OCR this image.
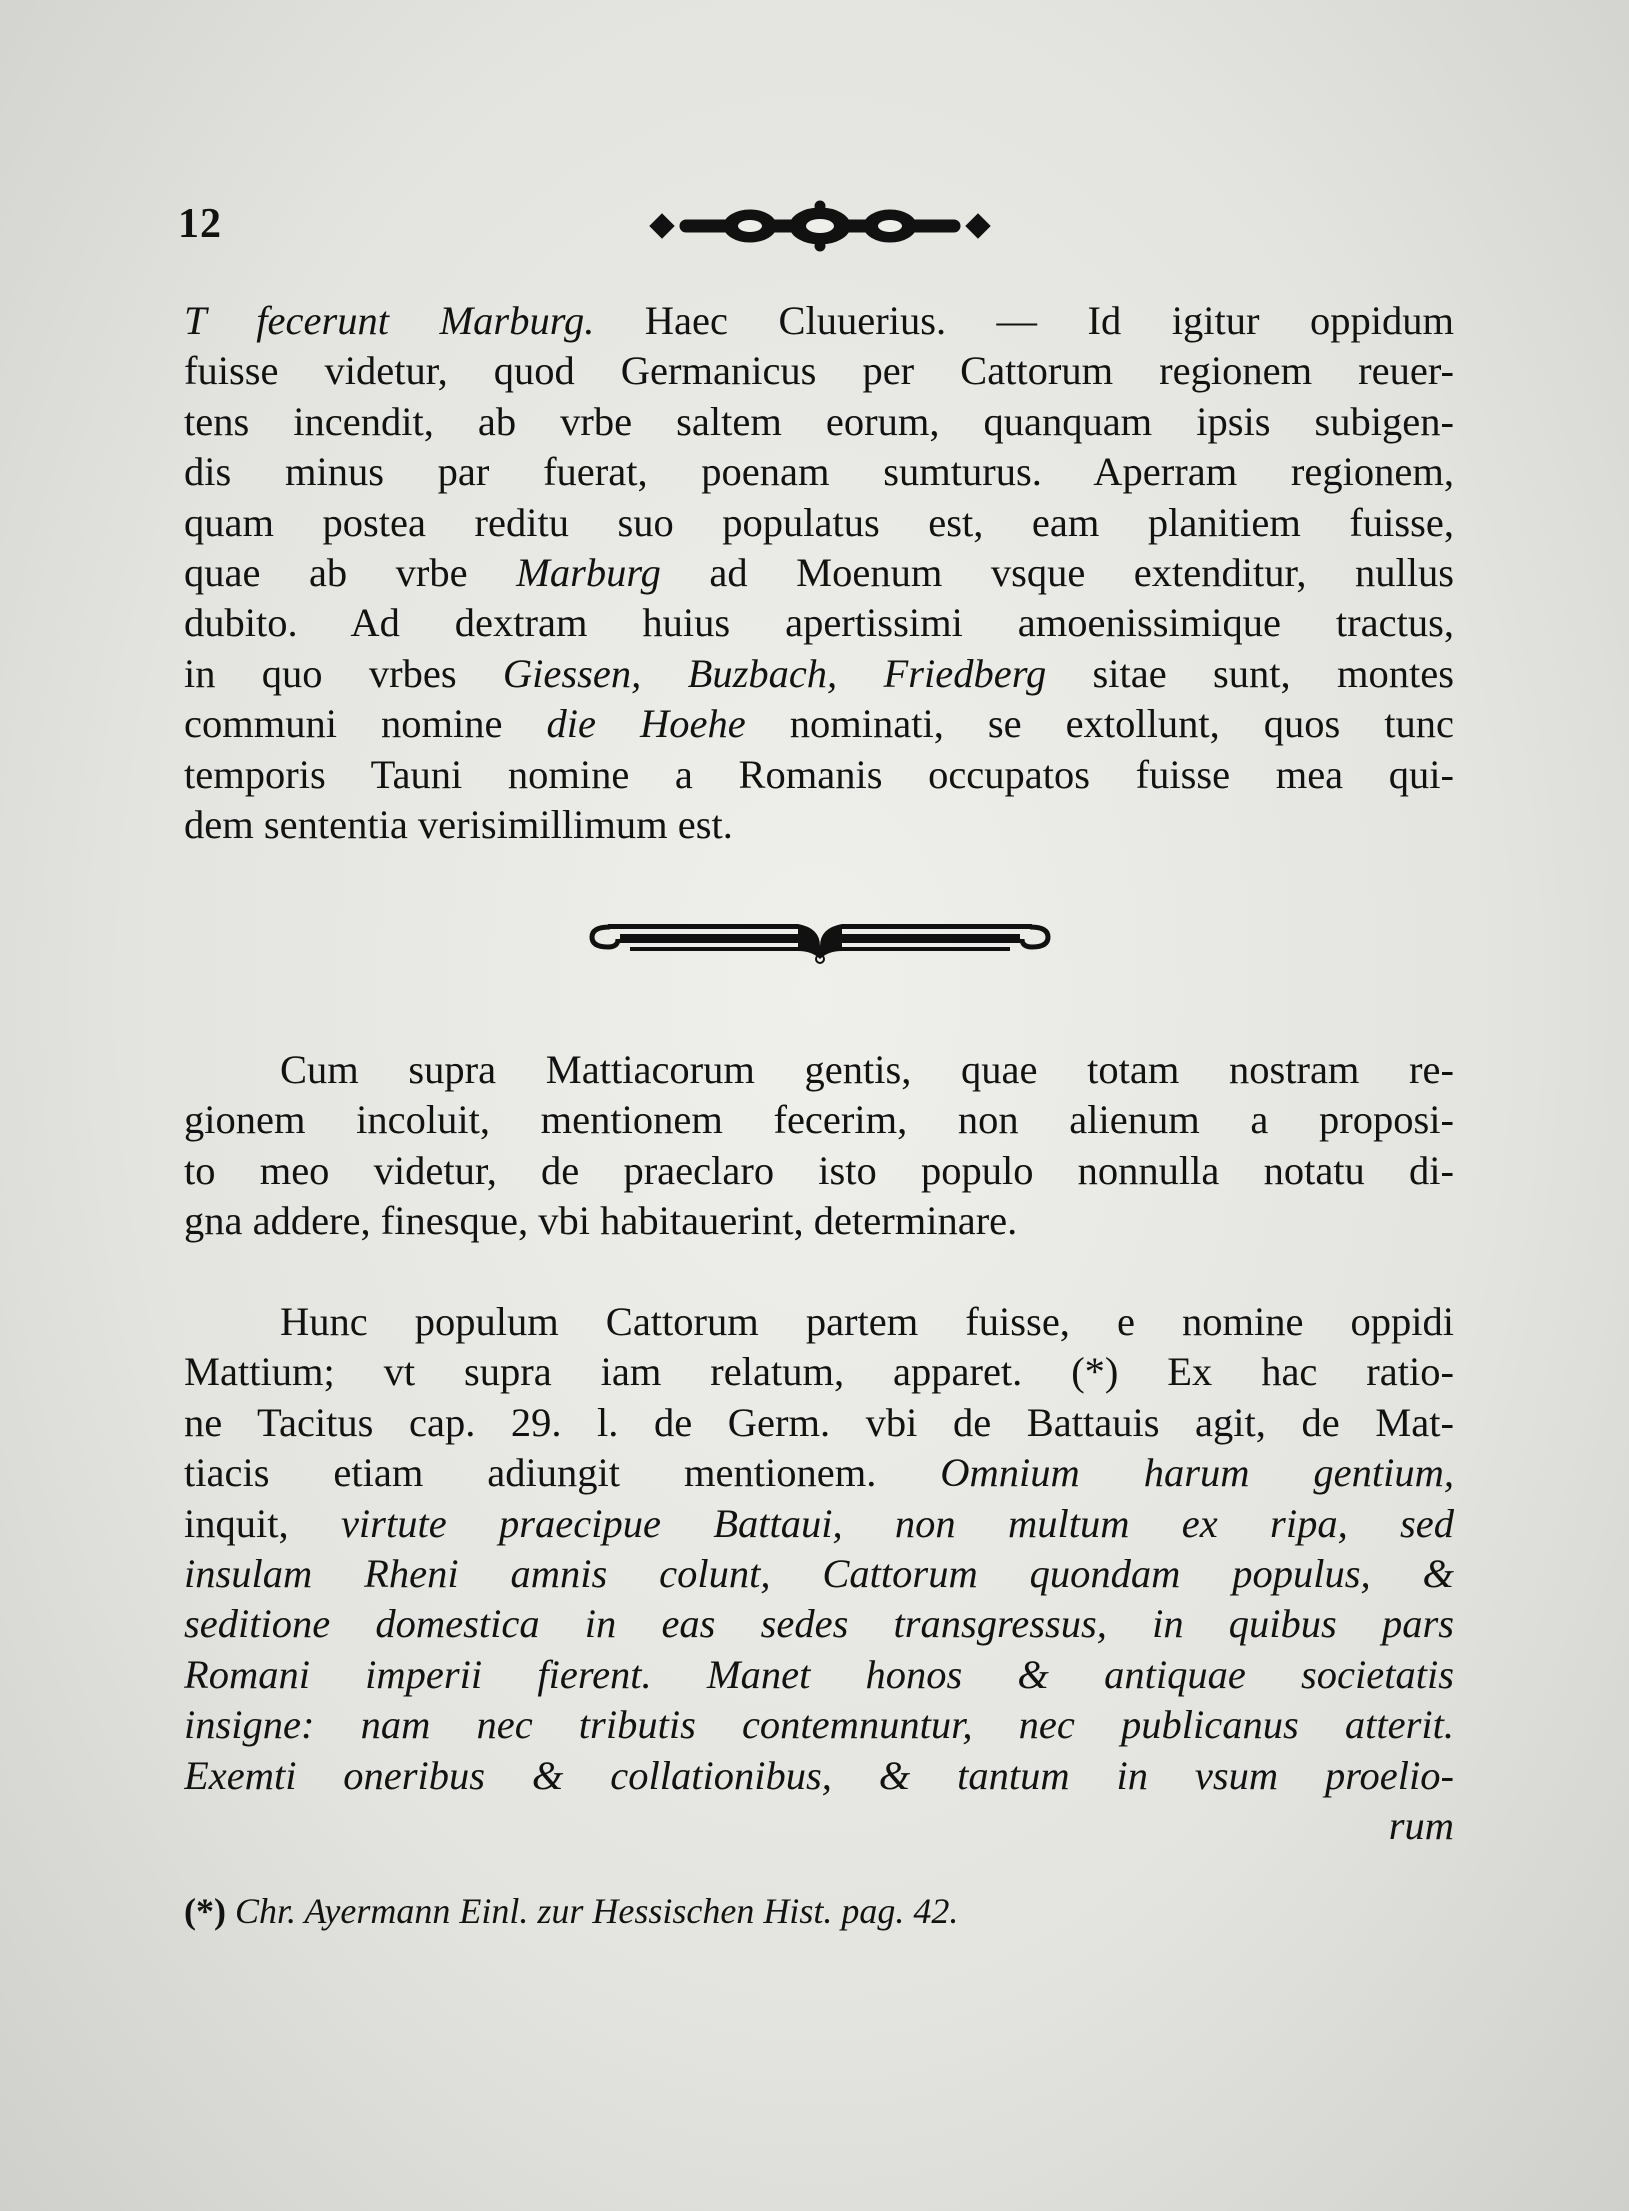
12
T fecerunt Marburg. Haec Cluuerius. — Id igitur oppidum
fuisse videtur, quod Germanicus per Cattorum regionem reuer-
tens incendit, ab vrbe saltem eorum, quanquam ipsis subigen-
dis minus par fuerat, poenam sumturus. Aperram regionem,
quam postea reditu suo populatus est, eam planitiem fuisse,
quae ab vrbe Marburg ad Moenum vsque extenditur, nullus
dubito. Ad dextram huius apertissimi amoenissimique tractus,
in quo vrbes Giessen, Buzbach, Friedberg sitae sunt, montes
communi nomine die Hoehe nominati, se extollunt, quos tunc
temporis Tauni nomine a Romanis occupatos fuisse mea qui-
dem sententia verisimillimum est.
Cum supra Mattiacorum gentis, quae totam nostram re-
gionem incoluit, mentionem fecerim, non alienum a proposi-
to meo videtur, de praeclaro isto populo nonnulla notatu di-
gna addere, finesque, vbi habitauerint, determinare.
Hunc populum Cattorum partem fuisse, e nomine oppidi
Mattium; vt supra iam relatum, apparet. (*) Ex hac ratio-
ne Tacitus cap. 29. l. de Germ. vbi de Battauis agit, de Mat-
tiacis etiam adiungit mentionem. Omnium harum gentium,
inquit, virtute praecipue Battaui, non multum ex ripa, sed
insulam Rheni amnis colunt, Cattorum quondam populus, &
seditione domestica in eas sedes transgressus, in quibus pars
Romani imperii fierent. Manet honos & antiquae societatis
insigne: nam nec tributis contemnuntur, nec publicanus atterit.
Exemti oneribus & collationibus, & tantum in vsum proelio-
rum
(*) Chr. Ayermann Einl. zur Hessischen Hist. pag. 42.
